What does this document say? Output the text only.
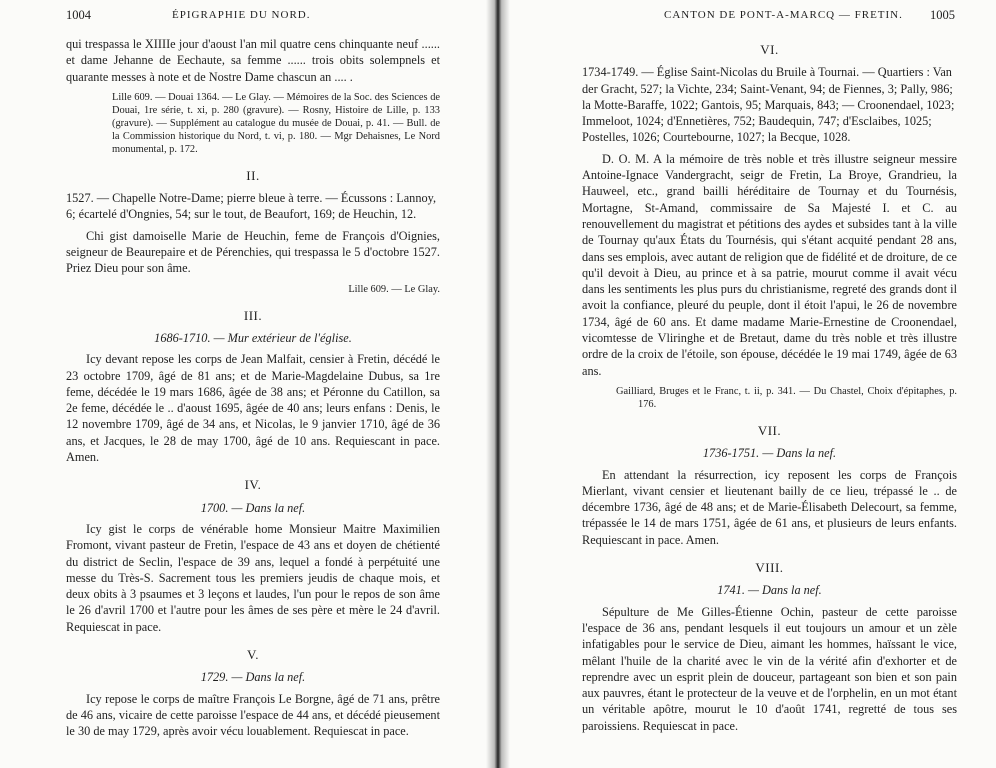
1004	ÉPIGRAPHIE DU NORD.

qui trespassa le XIIIIe jour d'aoust l'an mil quatre cens chinquante neuf ...... et dame Jehanne de Eechaute, sa femme ...... trois obits solempnels et quarante messes à note et de Nostre Dame chascun an .... .

Lille 609. — Douai 1364. — Le Glay. — Mémoires de la Soc. des Sciences de Douai, 1re série, t. xi, p. 280 (gravure). — Rosny, Histoire de Lille, p. 133 (gravure). — Supplément au catalogue du musée de Douai, p. 41. — Bull. de la Commission historique du Nord, t. vi, p. 180. — Mgr Dehaisnes, Le Nord monumental, p. 172.

II.

1527. — Chapelle Notre-Dame; pierre bleue à terre. — Écussons : Lannoy, 6; écartelé d'Ongnies, 54; sur le tout, de Beaufort, 169; de Heuchin, 12.

Chi gist damoiselle Marie de Heuchin, feme de François d'Oignies, seigneur de Beaurepaire et de Pérenchies, qui trespassa le 5 d'octobre 1527. Priez Dieu pour son âme.

Lille 609. — Le Glay.

III.

1686-1710. — Mur extérieur de l'église.

Icy devant repose les corps de Jean Malfait, censier à Fretin, décédé le 23 octobre 1709, âgé de 81 ans; et de Marie-Magdelaine Dubus, sa 1re feme, décédée le 19 mars 1686, âgée de 38 ans; et Péronne du Catillon, sa 2e feme, décédée le .. d'aoust 1695, âgée de 40 ans; leurs enfans : Denis, le 12 novembre 1709, âgé de 34 ans, et Nicolas, le 9 janvier 1710, âgé de 36 ans, et Jacques, le 28 de may 1700, âgé de 10 ans. Requiescant in pace. Amen.

IV.

1700. — Dans la nef.

Icy gist le corps de vénérable home Monsieur Maitre Maximilien Fromont, vivant pasteur de Fretin, l'espace de 43 ans et doyen de chétienté du district de Seclin, l'espace de 39 ans, lequel a fondé à perpétuité une messe du Très-S. Sacrement tous les premiers jeudis de chaque mois, et deux obits à 3 psaumes et 3 leçons et laudes, l'un pour le repos de son âme le 26 d'avril 1700 et l'autre pour les âmes de ses père et mère le 24 d'avril. Requiescat in pace.

V.

1729. — Dans la nef.

Icy repose le corps de maître François Le Borgne, âgé de 71 ans, prêtre de 46 ans, vicaire de cette paroisse l'espace de 44 ans, et décédé pieusement le 30 de may 1729, après avoir vécu louablement. Requiescat in pace.

CANTON DE PONT-A-MARCQ — FRETIN. 1005
VI.

1734-1749. — Église Saint-Nicolas du Bruile à Tournai. — Quartiers : Van der Gracht, 527; la Vichte, 234; Saint-Venant, 94; de Fiennes, 3; Pally, 986; la Motte-Baraffe, 1022; Gantois, 95; Marquais, 843; — Croonendael, 1023; Immeloot, 1024; d'Ennetières, 752; Baudequin, 747; d'Esclaibes, 1025; Postelles, 1026; Courtebourne, 1027; la Becque, 1028.

D. O. M. A la mémoire de très noble et très illustre seigneur messire Antoine-Ignace Vandergracht, seigr de Fretin, La Broye, Grandrieu, la Hauweel, etc., grand bailli héréditaire de Tournay et du Tournésis, Mortagne, St-Amand, commissaire de Sa Majesté I. et C. au renouvellement du magistrat et pétitions des aydes et subsides tant à la ville de Tournay qu'aux États du Tournésis, qui s'étant acquité pendant 28 ans, dans ses emplois, avec autant de religion que de fidélité et de droiture, de ce qu'il devoit à Dieu, au prince et à sa patrie, mourut comme il avait vécu dans les sentiments les plus purs du christianisme, regreté des grands dont il avoit la confiance, pleuré du peuple, dont il étoit l'apui, le 26 de novembre 1734, âgé de 60 ans. Et dame madame Marie-Ernestine de Croonendael, vicomtesse de Vliringhe et de Bretaut, dame du très noble et très illustre ordre de la croix de l'étoile, son épouse, décédée le 19 mai 1749, âgée de 63 ans.

Gailliard, Bruges et le Franc, t. ii, p. 341. — Du Chastel, Choix d'épitaphes, p. 176.

VII.

1736-1751. — Dans la nef.

En attendant la résurrection, icy reposent les corps de François Mierlant, vivant censier et lieutenant bailly de ce lieu, trépassé le .. de décembre 1736, âgé de 48 ans; et de Marie-Élisabeth Delecourt, sa femme, trépassée le 14 de mars 1751, âgée de 61 ans, et plusieurs de leurs enfants. Requiescant in pace. Amen.

VIII.

1741. — Dans la nef.

Sépulture de Me Gilles-Étienne Ochin, pasteur de cette paroisse l'espace de 36 ans, pendant lesquels il eut toujours un amour et un zèle infatigables pour le service de Dieu, aimant les hommes, haïssant le vice, mêlant l'huile de la charité avec le vin de la vérité afin d'exhorter et de reprendre avec un esprit plein de douceur, partageant son bien et son pain aux pauvres, étant le protecteur de la veuve et de l'orphelin, en un mot étant un véritable apôtre, mourut le 10 d'août 1741, regretté de tous ses paroissiens. Requiescat in pace.
